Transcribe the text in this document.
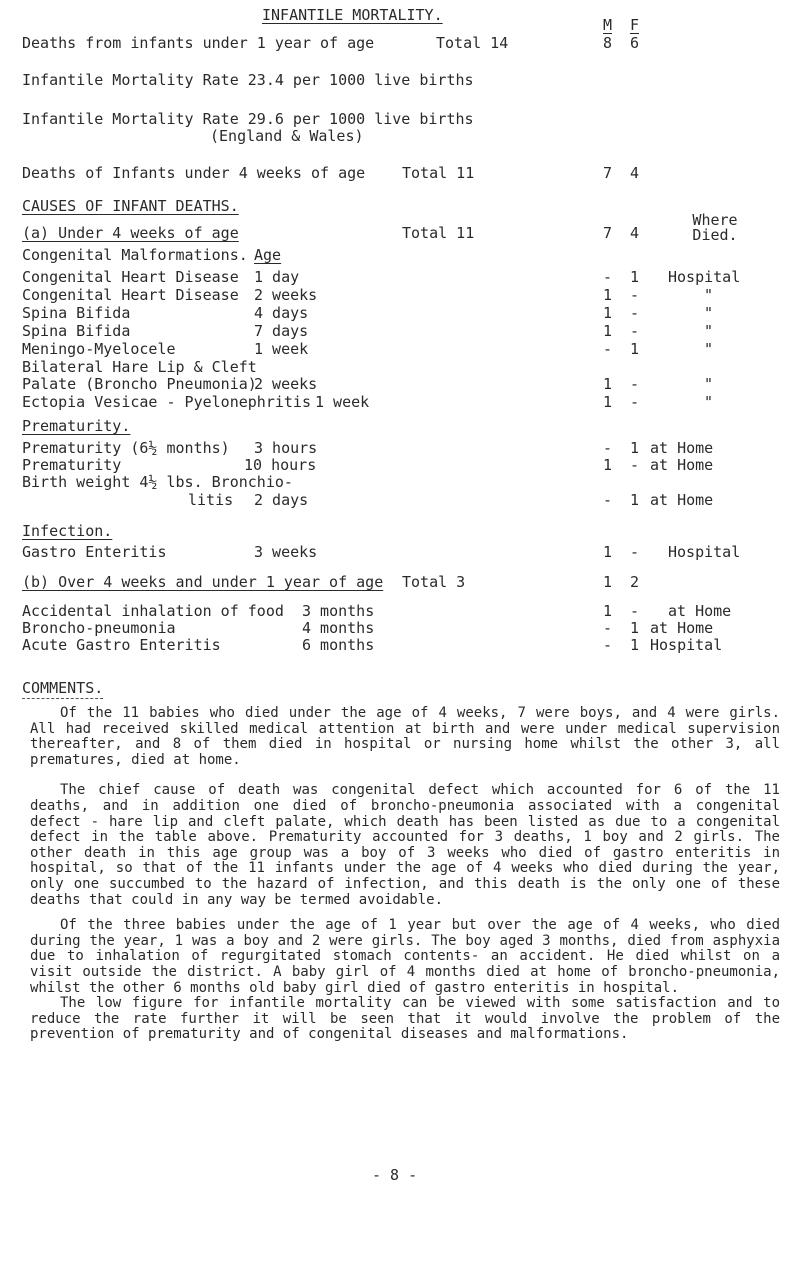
INFANTILE MORTALITY.
M F
Deaths from infants under 1 year of age	Total 14	8 6
Infantile Mortality Rate 23.4 per 1000 live births
Infantile Mortality Rate 29.6 per 1000 live births
(England & Wales)
Deaths of Infants under 4 weeks of age Total 11	7 4
CAUSES OF INFANT DEATHS.
(a) Under 4 weeks of age	Total 11	7 4
Where Died.
Congenital Malformations. Age
Congenital Heart Disease 1 day	- 1 Hospital
Congenital Heart Disease 2 weeks	1 -	"
Spina Bifida	4 days	1 -	"
Spina Bifida	7 days	1 -	"
Meningo-Myelocele	1 week	- 1	"
Bilateral Hare Lip & Cleft
Palate (Broncho Pneumonia)
2 weeks	1 -	"
Ectopia Vesicae - Pyelonephritis 1 week	1 -	"
Prematurity.
Prematurity (6½ months) 3 hours	- 1 at Home
Prematurity	10 hours	1 - at Home
Birth weight 4½ lbs. Bronchio-
litis 2 days	- 1 at Home
Infection.
Gastro Enteritis	3 weeks	1 - Hospital
(b) Over 4 weeks and under 1 year of age Total 3	1 2
Accidental inhalation of food 3 months	1 - at Home
Broncho-pneumonia	4 months	- 1 at Home
Acute Gastro Enteritis	6 months	- 1 Hospital
COMMENTS.

Of the 11 babies who died under the age of 4 weeks, 7 were boys, and 4 were girls. All had received skilled medical attention at birth and were under medical supervision thereafter, and 8 of them died in hospital or nursing home whilst the other 3, all prematures, died at home.

The chief cause of death was congenital defect which accounted for 6 of the 11 deaths, and in addition one died of broncho-pneumonia associated with a congenital defect - hare lip and cleft palate, which death has been listed as due to a congenital defect in the table above. Prematurity accounted for 3 deaths, 1 boy and 2 girls. The other death in this age group was a boy of 3 weeks who died of gastro enteritis in hospital, so that of the 11 infants under the age of 4 weeks who died during the year, only one succumbed to the hazard of infection, and this death is the only one of these deaths that could in any way be termed avoidable.

Of the three babies under the age of 1 year but over the age of 4 weeks, who died during the year, 1 was a boy and 2 were girls. The boy aged 3 months, died from asphyxia due to inhalation of regurgitated stomach contents- an accident. He died whilst on a visit outside the district. A baby girl of 4 months died at home of broncho-pneumonia, whilst the other 6 months old baby girl died of gastro enteritis in hospital.

The low figure for infantile mortality can be viewed with some satisfaction and to reduce the rate further it will be seen that it would involve the problem of the prevention of prematurity and of congenital diseases and malformations.

- 8 -
